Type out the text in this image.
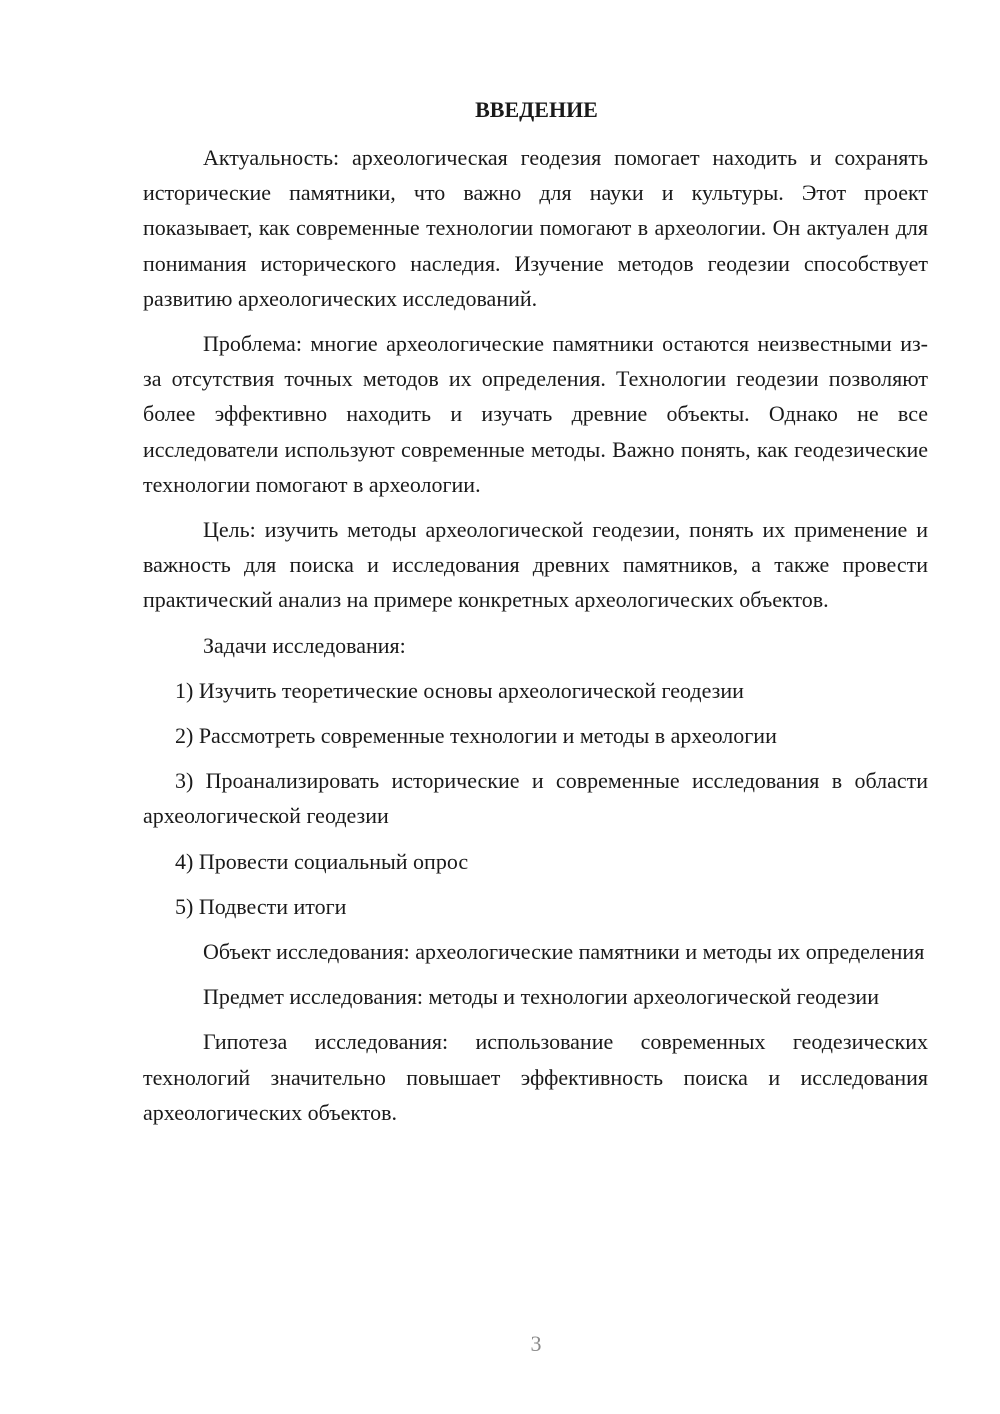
ВВЕДЕНИЕ

Актуальность: археологическая геодезия помогает находить и сохранять исторические памятники, что важно для науки и культуры. Этот проект показывает, как современные технологии помогают в археологии. Он актуален для понимания исторического наследия. Изучение методов геодезии способствует развитию археологических исследований.

Проблема: многие археологические памятники остаются неизвестными из-за отсутствия точных методов их определения. Технологии геодезии позволяют более эффективно находить и изучать древние объекты. Однако не все исследователи используют современные методы. Важно понять, как геодезические технологии помогают в археологии.

Цель: изучить методы археологической геодезии, понять их применение и важность для поиска и исследования древних памятников, а также провести практический анализ на примере конкретных археологических объектов.

Задачи исследования:

1) Изучить теоретические основы археологической геодезии

2) Рассмотреть современные технологии и методы в археологии

3) Проанализировать исторические и современные исследования в области археологической геодезии

4) Провести социальный опрос

5) Подвести итоги

Объект исследования: археологические памятники и методы их определения

Предмет исследования: методы и технологии археологической геодезии

Гипотеза исследования: использование современных геодезических технологий значительно повышает эффективность поиска и исследования археологических объектов.

3
